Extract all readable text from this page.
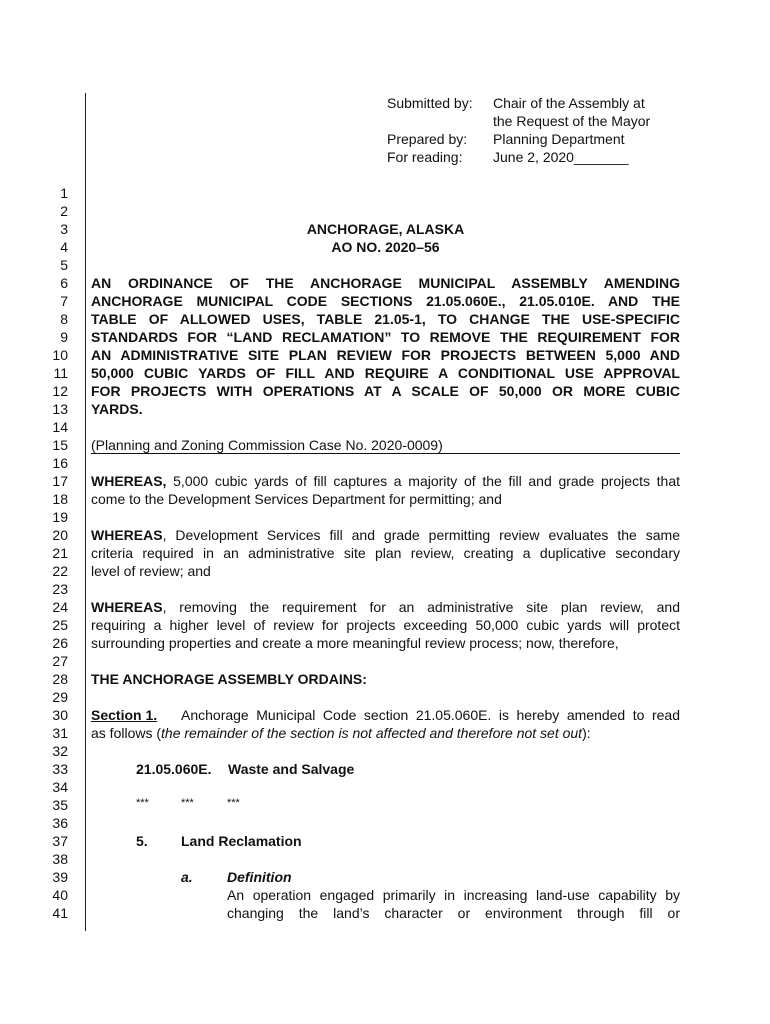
Submitted by: Chair of the Assembly at
the Request of the Mayor
Prepared by: Planning Department
For reading: June 2, 2020_______
1
2
3
4
5
6
7
8
9
10
11
12
13
14
15
16
17
18
19
20
21
22
23
24
25
26
27
28
29
30
31
32
33
34
35
36
37
38
39
40
41
ANCHORAGE, ALASKA
AO NO. 2020–56
AN ORDINANCE OF THE ANCHORAGE MUNICIPAL ASSEMBLY AMENDING
ANCHORAGE MUNICIPAL CODE SECTIONS 21.05.060E., 21.05.010E. AND THE
TABLE OF ALLOWED USES, TABLE 21.05-1, TO CHANGE THE USE-SPECIFIC
STANDARDS FOR “LAND RECLAMATION” TO REMOVE THE REQUIREMENT FOR
AN ADMINISTRATIVE SITE PLAN REVIEW FOR PROJECTS BETWEEN 5,000 AND
50,000 CUBIC YARDS OF FILL AND REQUIRE A CONDITIONAL USE APPROVAL
FOR PROJECTS WITH OPERATIONS AT A SCALE OF 50,000 OR MORE CUBIC
YARDS.
(Planning and Zoning Commission Case No. 2020-0009)
WHEREAS, 5,000 cubic yards of fill captures a majority of the fill and grade projects that
come to the Development Services Department for permitting; and
WHEREAS, Development Services fill and grade permitting review evaluates the same
criteria required in an administrative site plan review, creating a duplicative secondary
level of review; and
WHEREAS, removing the requirement for an administrative site plan review, and
requiring a higher level of review for projects exceeding 50,000 cubic yards will protect
surrounding properties and create a more meaningful review process; now, therefore,
THE ANCHORAGE ASSEMBLY ORDAINS:
Section 1. Anchorage Municipal Code section 21.05.060E. is hereby amended to read
as follows (the remainder of the section is not affected and therefore not set out):
21.05.060E. Waste and Salvage
***	***	***
5. Land Reclamation
a. Definition
An operation engaged primarily in increasing land-use capability by
changing the land’s character or environment through fill or
